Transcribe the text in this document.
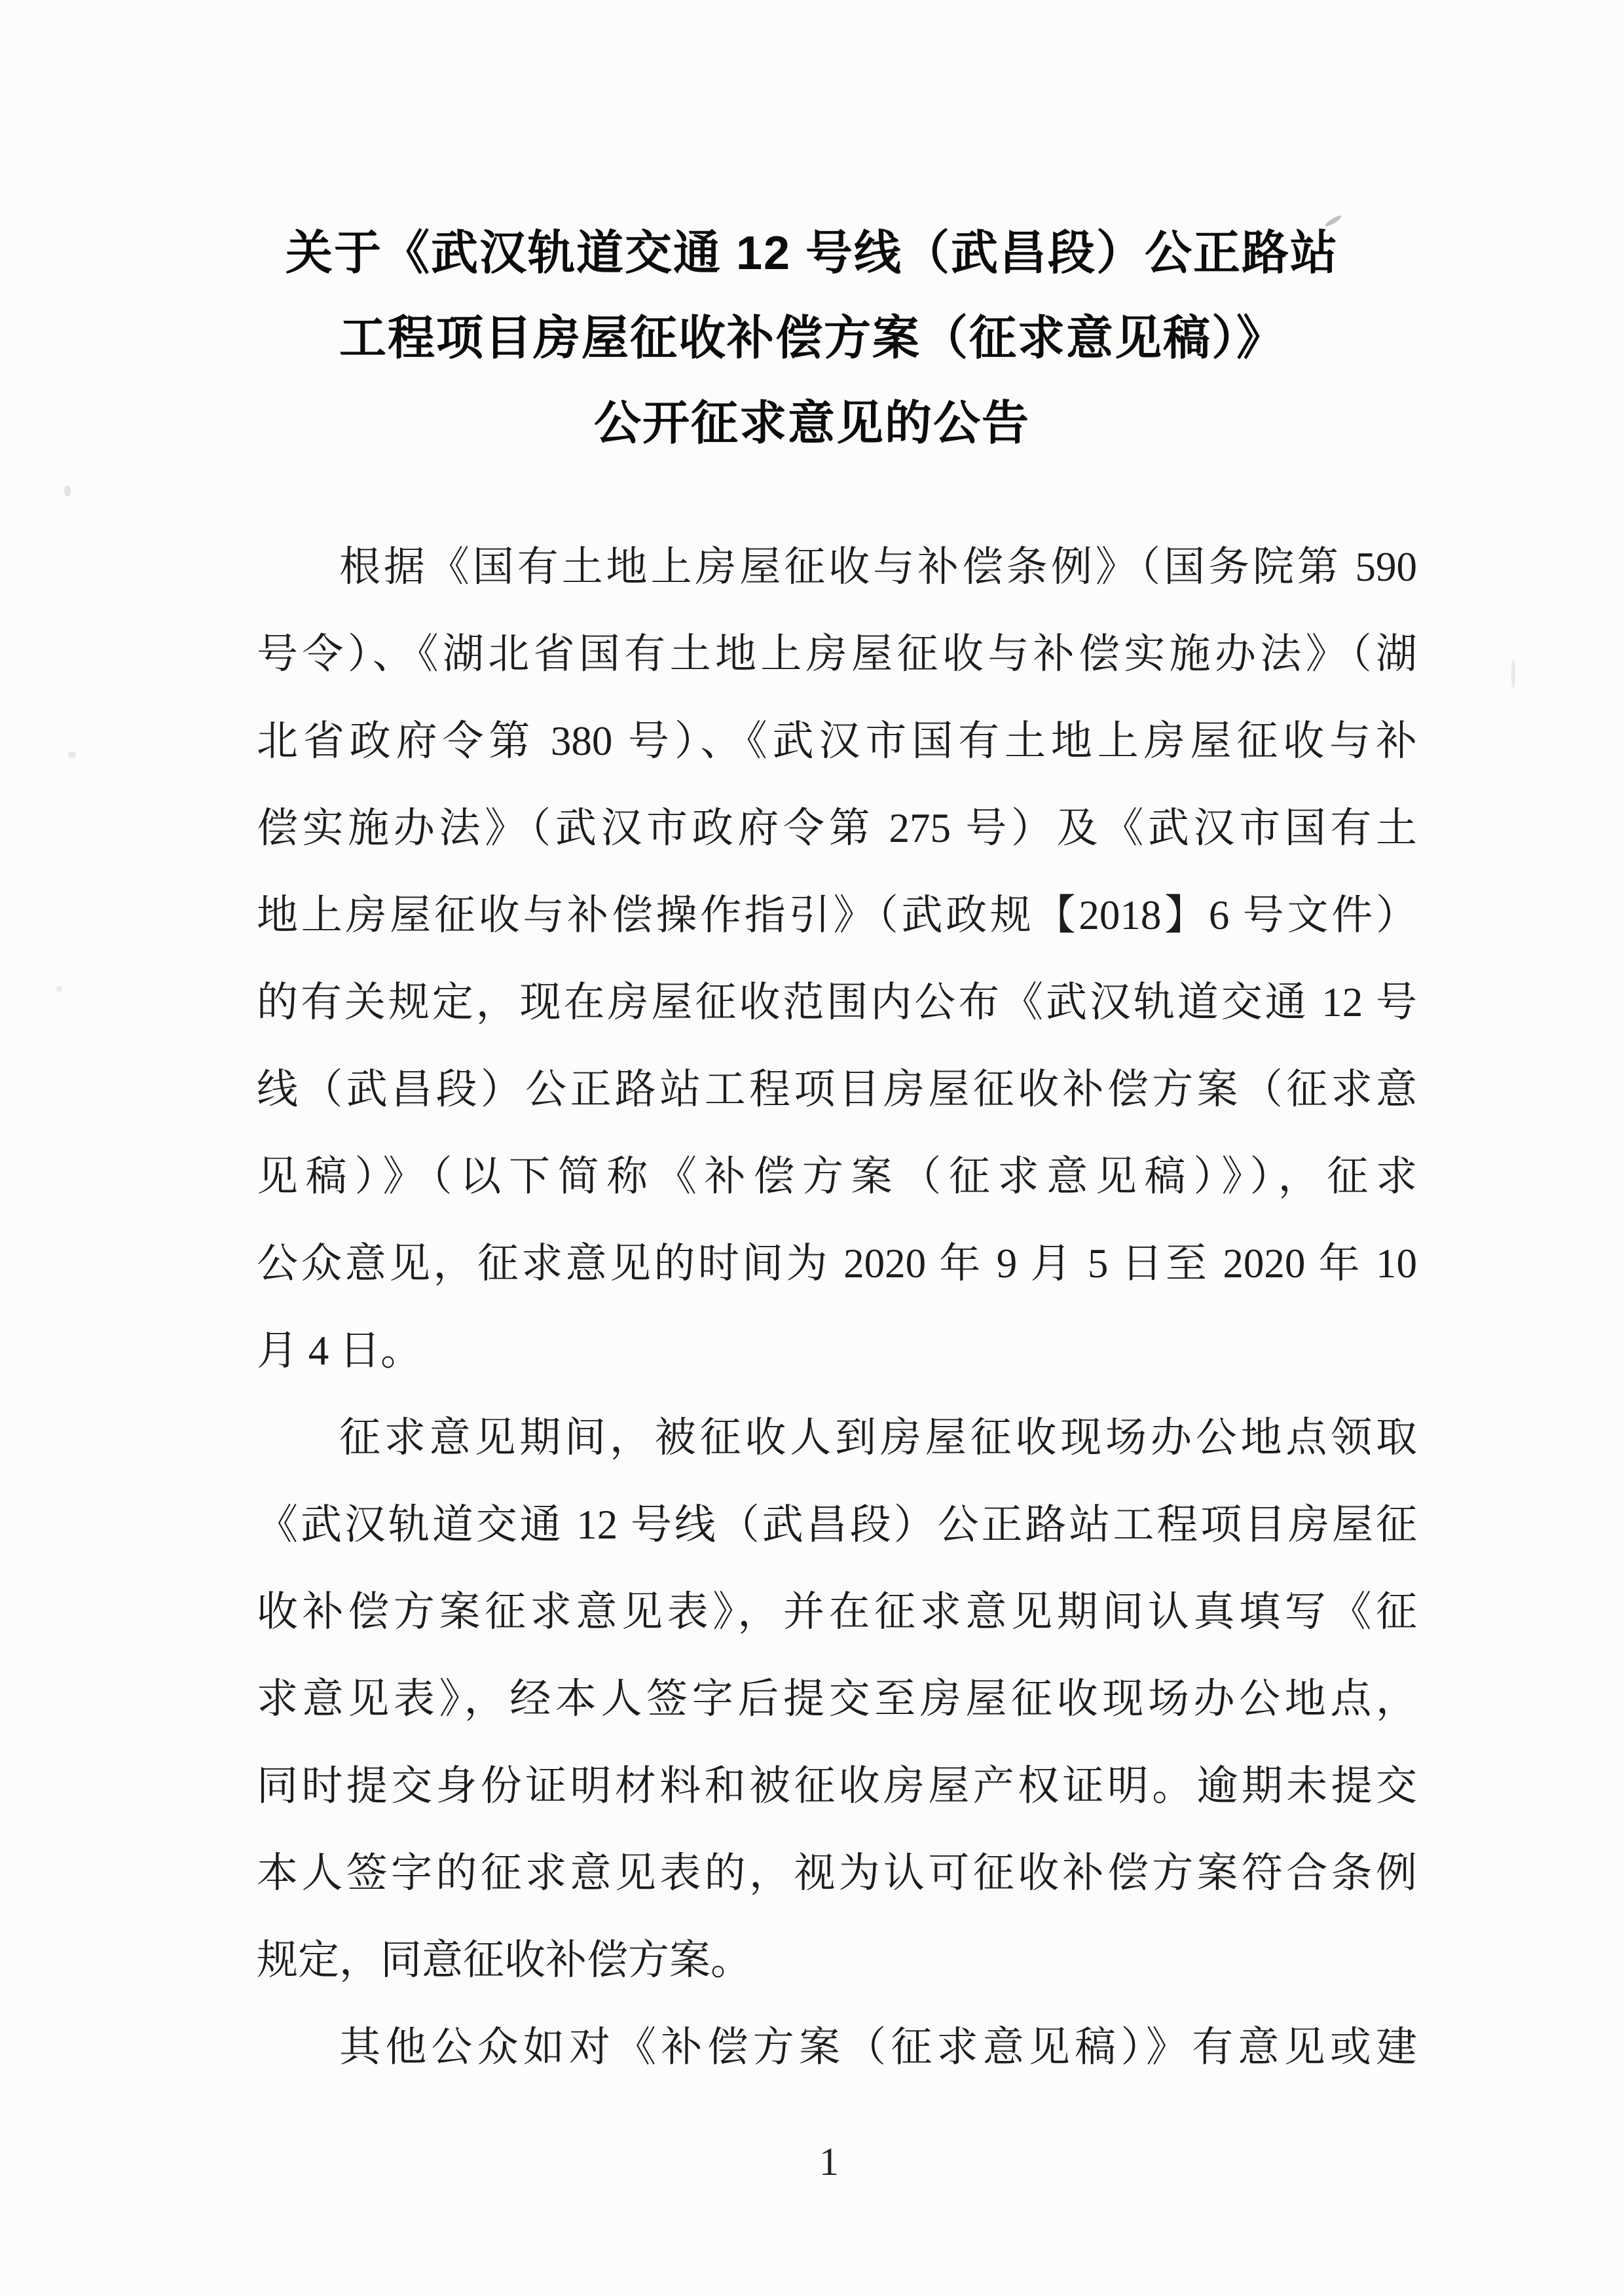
关于《武汉轨道交通 12 号线（武昌段）公正路站
工程项目房屋征收补偿方案（征求意见稿）》
公开征求意见的公告
根据《国有土地上房屋征收与补偿条例》（国务院第 590
号令）、《湖北省国有土地上房屋征收与补偿实施办法》（湖
北省政府令第 380 号）、《武汉市国有土地上房屋征收与补
偿实施办法》（武汉市政府令第 275 号）及《武汉市国有土
地上房屋征收与补偿操作指引》（武政规【2018】6 号文件）
的有关规定，现在房屋征收范围内公布《武汉轨道交通 12 号
线（武昌段）公正路站工程项目房屋征收补偿方案（征求意
见稿）》（以下简称《补偿方案（征求意见稿）》），征求
公众意见，征求意见的时间为 2020 年 9 月 5 日至 2020 年 10
月 4 日。
征求意见期间，被征收人到房屋征收现场办公地点领取
《武汉轨道交通 12 号线（武昌段）公正路站工程项目房屋征
收补偿方案征求意见表》，并在征求意见期间认真填写《征
求意见表》，经本人签字后提交至房屋征收现场办公地点，
同时提交身份证明材料和被征收房屋产权证明。逾期未提交
本人签字的征求意见表的，视为认可征收补偿方案符合条例
规定，同意征收补偿方案。
其他公众如对《补偿方案（征求意见稿）》有意见或建
1
